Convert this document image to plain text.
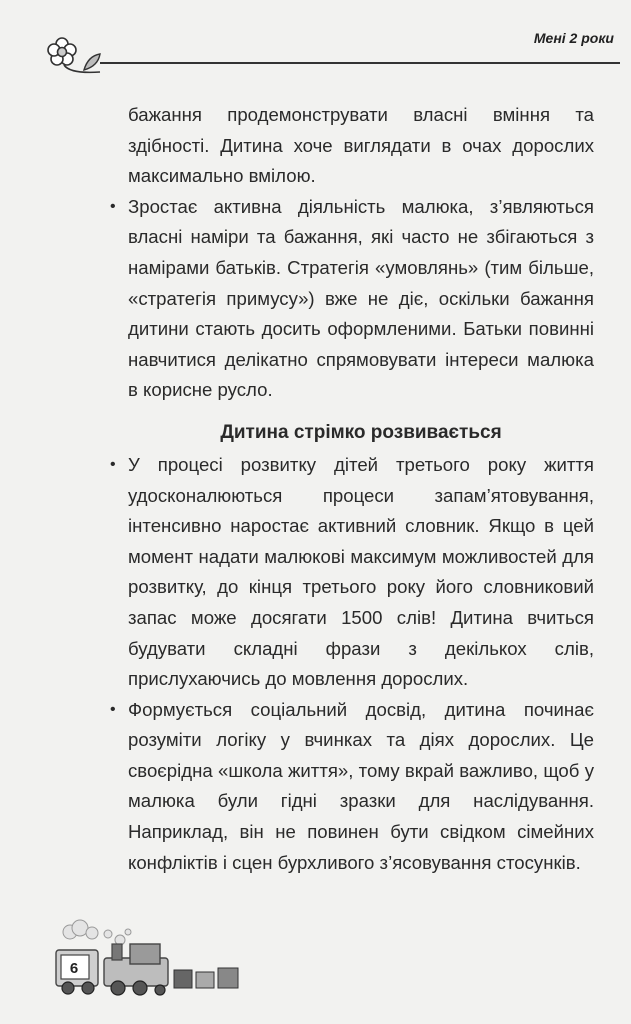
Мені 2 роки

бажання продемонструвати власні вміння та здібності. Дитина хоче виглядати в очах дорослих максимально вмілою.

• Зростає активна діяльність малюка, з’являються власні наміри та бажання, які часто не збігаються з намірами батьків. Стратегія «умовлянь» (тим більше, «стратегія примусу») вже не діє, оскільки бажання дитини стають досить оформленими. Батьки повинні навчитися делікатно спрямовувати інтереси малюка в корисне русло.
Дитина стрімко розвивається
• У процесі розвитку дітей третього року життя удосконалюються процеси запам’ятовування, інтенсивно наростає активний словник. Якщо в цей момент надати малюкові максимум можливостей для розвитку, до кінця третього року його словниковий запас може досягати 1500 слів! Дитина вчиться будувати складні фрази з декількох слів, прислухаючись до мовлення дорослих.
• Формується соціальний досвід, дитина починає розуміти логіку у вчинках та діях дорослих. Це своєрідна «школа життя», тому вкрай важливо, щоб у малюка були гідні зразки для наслідування. Наприклад, він не повинен бути свідком сімейних конфліктів і сцен бурхливого з’ясовування стосунків.
6
